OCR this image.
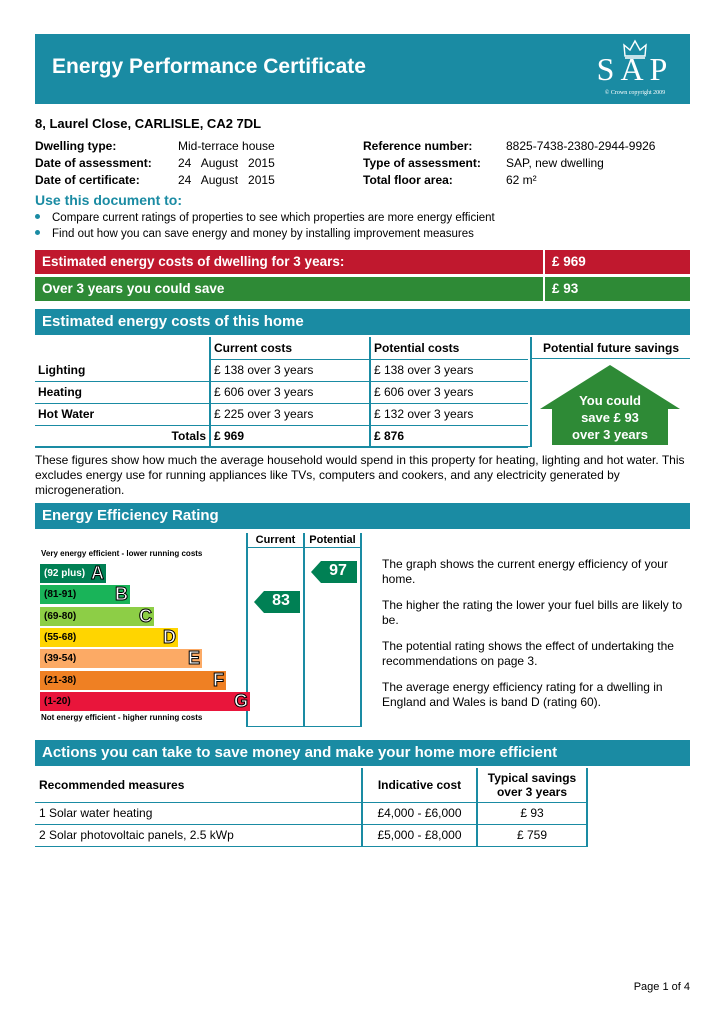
Energy Performance Certificate	SAP
© Crown copyright 2009
8, Laurel Close, CARLISLE, CA2 7DL
Dwelling type:	Mid-terrace house
Date of assessment: 24   August   2015
Date of certificate:	24   August   2015
Reference number:	8825-7438-2380-2944-9926
Type of assessment: SAP, new dwelling
Total floor area:	62 m²
Use this document to:
Compare current ratings of properties to see which properties are more energy efficient
Find out how you can save energy and money by installing improvement measures
Estimated energy costs of dwelling for 3 years:	£ 969
Over 3 years you could save	£ 93
Estimated energy costs of this home
	Current costs	Potential costs
Lighting	£ 138 over 3 years	£ 138 over 3 years
Heating	£ 606 over 3 years	£ 606 over 3 years
Hot Water	£ 225 over 3 years	£ 132 over 3 years
Totals	£ 969	£ 876
Potential future savings
You could
save £ 93
over 3 years
These figures show how much the average household would spend in this property for heating, lighting and hot water. This excludes energy use for running appliances like TVs, computers and cookers, and any electricity generated by microgeneration.
Energy Efficiency Rating
Current	Potential
Very energy efficient - lower running costs
Not energy efficient - higher running costs
(92 plus) A
(81-91) B
(69-80)	C
(55-68)	D
(39-54)	E
(21-38)	F
(1-20)	G
83
97	The graph shows the current energy efficiency of your home.

The higher the rating the lower your fuel bills are likely to be.

The potential rating shows the effect of undertaking the recommendations on page 3.

The average energy efficiency rating for a dwelling in England and Wales is band D (rating 60).

Actions you can take to save money and make your home more efficient
Recommended measures	Indicative cost	Typical savings over 3 years
1 Solar water heating	£4,000 - £6,000	£ 93
2 Solar photovoltaic panels, 2.5 kWp	£5,000 - £8,000	£ 759
Page 1 of 4
